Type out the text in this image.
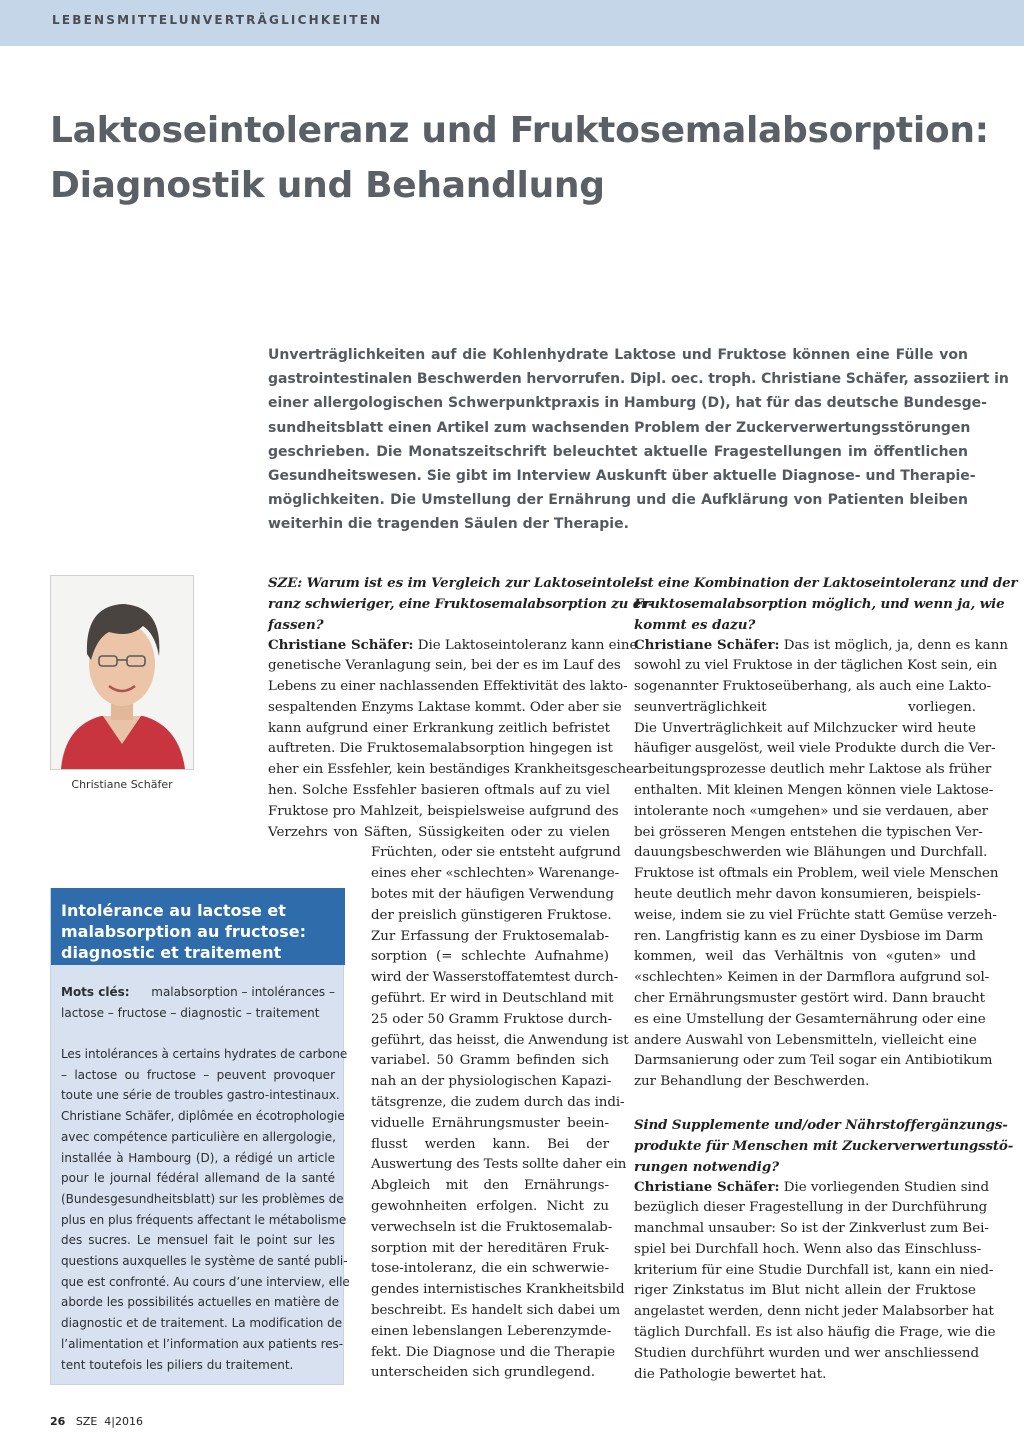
LEBENSMITTELUNVERTRÄGLICHKEITEN
Laktoseintoleranz und Fruktosemalabsorption:
Diagnostik und Behandlung
Unverträglichkeiten auf die Kohlenhydrate Laktose und Fruktose können eine Fülle von
gastrointestinalen Beschwerden hervorrufen. Dipl. oec. troph. Christiane Schäfer, assoziiert in
einer allergologischen Schwerpunktpraxis in Hamburg (D), hat für das deutsche Bundesge-
sundheitsblatt einen Artikel zum wachsenden Problem der Zuckerverwertungsstörungen
geschrieben. Die Monatszeitschrift beleuchtet aktuelle Fragestellungen im öffentlichen
Gesundheitswesen. Sie gibt im Interview Auskunft über aktuelle Diagnose- und Therapie-
möglichkeiten. Die Umstellung der Ernährung und die Aufklärung von Patienten bleiben
weiterhin die tragenden Säulen der Therapie.
Christiane Schäfer
Intolérance au lactose et
malabsorption au fructose:
diagnostic et traitement

Mots clés: malabsorption – intolérances –
lactose – fructose – diagnostic – traitement

Les intolérances à certains hydrates de carbone
– lactose ou fructose – peuvent provoquer
toute une série de troubles gastro-intestinaux.
Christiane Schäfer, diplômée en écotrophologie
avec compétence particulière en allergologie,
installée à Hambourg (D), a rédigé un article
pour le journal fédéral allemand de la santé
(Bundesgesundheitsblatt) sur les problèmes de
plus en plus fréquents affectant le métabolisme
des sucres. Le mensuel fait le point sur les
questions auxquelles le système de santé publi-
que est confronté. Au cours d’une interview, elle
aborde les possibilités actuelles en matière de
diagnostic et de traitement. La modification de
l’alimentation et l’information aux patients res-
tent toutefois les piliers du traitement.

SZE: Warum ist es im Vergleich zur Laktoseintole-
ranz schwieriger, eine Fruktosemalabsorption zu er-
fassen?
Christiane Schäfer: Die Laktoseintoleranz kann eine
genetische Veranlagung sein, bei der es im Lauf des
Lebens zu einer nachlassenden Effektivität des lakto-
sespaltenden Enzyms Laktase kommt. Oder aber sie
kann aufgrund einer Erkrankung zeitlich befristet
auftreten. Die Fruktosemalabsorption hingegen ist
eher ein Essfehler, kein beständiges Krankheitsgesche-
hen. Solche Essfehler basieren oftmals auf zu viel
Fruktose pro Mahlzeit, beispielsweise aufgrund des
Verzehrs von Säften, Süssigkeiten oder zu vielen
Früchten, oder sie entsteht aufgrund
eines eher «schlechten» Warenange-
botes mit der häufigen Verwendung
der preislich günstigeren Fruktose.
Zur Erfassung der Fruktosemalab-
sorption (= schlechte Aufnahme)
wird der Wasserstoffatemtest durch-
geführt. Er wird in Deutschland mit
25 oder 50 Gramm Fruktose durch-
geführt, das heisst, die Anwendung ist
variabel. 50 Gramm befinden sich
nah an der physiologischen Kapazi-
tätsgrenze, die zudem durch das indi-
viduelle Ernährungsmuster beein-
flusst werden kann. Bei der
Auswertung des Tests sollte daher ein
Abgleich mit den Ernährungs-
gewohnheiten erfolgen. Nicht zu
verwechseln ist die Fruktosemalab-
sorption mit der hereditären Fruk-
tose-intoleranz, die ein schwerwie-
gendes internistisches Krankheitsbild
beschreibt. Es handelt sich dabei um
einen lebenslangen Leberenzymde-
fekt. Die Diagnose und die Therapie
unterscheiden sich grundlegend.
Ist eine Kombination der Laktoseintoleranz und der
Fruktosemalabsorption möglich, und wenn ja, wie
kommt es dazu?
Christiane Schäfer: Das ist möglich, ja, denn es kann
sowohl zu viel Fruktose in der täglichen Kost sein, ein
sogenannter Fruktoseüberhang, als auch eine Lakto-
seunverträglichkeit vorliegen.
Die Unverträglichkeit auf Milchzucker wird heute
häufiger ausgelöst, weil viele Produkte durch die Ver-
arbeitungsprozesse deutlich mehr Laktose als früher
enthalten. Mit kleinen Mengen können viele Laktose-
intolerante noch «umgehen» und sie verdauen, aber
bei grösseren Mengen entstehen die typischen Ver-
dauungsbeschwerden wie Blähungen und Durchfall.
Fruktose ist oftmals ein Problem, weil viele Menschen
heute deutlich mehr davon konsumieren, beispiels-
weise, indem sie zu viel Früchte statt Gemüse verzeh-
ren. Langfristig kann es zu einer Dysbiose im Darm
kommen, weil das Verhältnis von «guten» und
«schlechten» Keimen in der Darmflora aufgrund sol-
cher Ernährungsmuster gestört wird. Dann braucht
es eine Umstellung der Gesamternährung oder eine
andere Auswahl von Lebensmitteln, vielleicht eine
Darmsanierung oder zum Teil sogar ein Antibiotikum
zur Behandlung der Beschwerden.
Sind Supplemente und/oder Nährstoffergänzungs-
produkte für Menschen mit Zuckerverwertungsstö-
rungen notwendig?
Christiane Schäfer: Die vorliegenden Studien sind
bezüglich dieser Fragestellung in der Durchführung
manchmal unsauber: So ist der Zinkverlust zum Bei-
spiel bei Durchfall hoch. Wenn also das Einschluss-
kriterium für eine Studie Durchfall ist, kann ein nied-
riger Zinkstatus im Blut nicht allein der Fruktose
angelastet werden, denn nicht jeder Malabsorber hat
täglich Durchfall. Es ist also häufig die Frage, wie die
Studien durchführt wurden und wer anschliessend
die Pathologie bewertet hat.
26 SZE 4|2016
